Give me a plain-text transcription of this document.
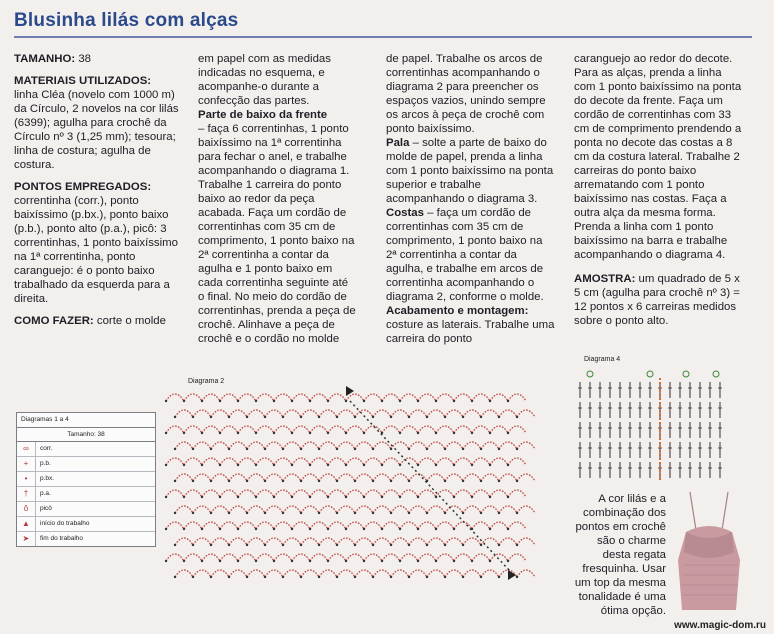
Blusinha lilás com alças

TAMANHO: 38

MATERIAIS UTILIZADOS:
linha Cléa (novelo com 1000 m) da Círculo, 2 novelos na cor lilás (6399); agulha para crochê da Círculo nº 3 (1,25 mm); tesoura; linha de costura; agulha de costura.

PONTOS EMPREGADOS:
correntinha (corr.), ponto baixíssimo (p.bx.), ponto baixo (p.b.), ponto alto (p.a.), picô: 3 correntinhas, 1 ponto baixíssimo na 1ª correntinha, ponto caranguejo: é o ponto baixo trabalhado da esquerda para a direita.

COMO FAZER: corte o molde

em papel com as medidas indicadas no esquema, e acompanhe-o durante a confecção das partes.
Parte de baixo da frente
– faça 6 correntinhas, 1 ponto baixíssimo na 1ª correntinha para fechar o anel, e trabalhe acompanhando o diagrama 1. Trabalhe 1 carreira do ponto baixo ao redor da peça acabada. Faça um cordão de correntinhas com 35 cm de comprimento, 1 ponto baixo na 2ª correntinha a contar da agulha e 1 ponto baixo em cada correntinha seguinte até o final. No meio do cordão de correntinhas, prenda a peça de crochê. Alinhave a peça de crochê e o cordão no molde

de papel. Trabalhe os arcos de correntinhas acompanhando o diagrama 2 para preencher os espaços vazios, unindo sempre os arcos à peça de crochê com ponto baixíssimo.
Pala – solte a parte de baixo do molde de papel, prenda a linha com 1 ponto baixíssimo na ponta superior e trabalhe acompanhando o diagrama 3.
Costas – faça um cordão de correntinhas com 35 cm de comprimento, 1 ponto baixo na 2ª correntinha a contar da agulha, e trabalhe em arcos de correntinha acompanhando o diagrama 2, conforme o molde.
Acabamento e montagem: costure as laterais. Trabalhe uma carreira do ponto

caranguejo ao redor do decote. Para as alças, prenda a linha com 1 ponto baixíssimo na ponta do decote da frente. Faça um cordão de correntinhas com 33 cm de comprimento prendendo a ponta no decote das costas a 8 cm da costura lateral. Trabalhe 2 carreiras do ponto baixo arrematando com 1 ponto baixíssimo nas costas. Faça a outra alça da mesma forma. Prenda a linha com 1 ponto baixíssimo na barra e trabalhe acompanhando o diagrama 4.

AMOSTRA: um quadrado de 5 x 5 cm (agulha para crochê nº 3) = 12 pontos x 6 carreiras medidos sobre o ponto alto.

Diagramas 1 a 4
Tamanho: 38
∞	corr.
+	p.b.
•	p.bx.
†	p.a.
ǒ	picô
▲	início do trabalho
➤	fim do trabalho
Diagrama 2
Diagrama 4
A cor lilás e a combinação dos pontos em crochê são o charme desta regata fresquinha. Usar um top da mesma tonalidade é uma ótima opção.
www.magic-dom.ru
